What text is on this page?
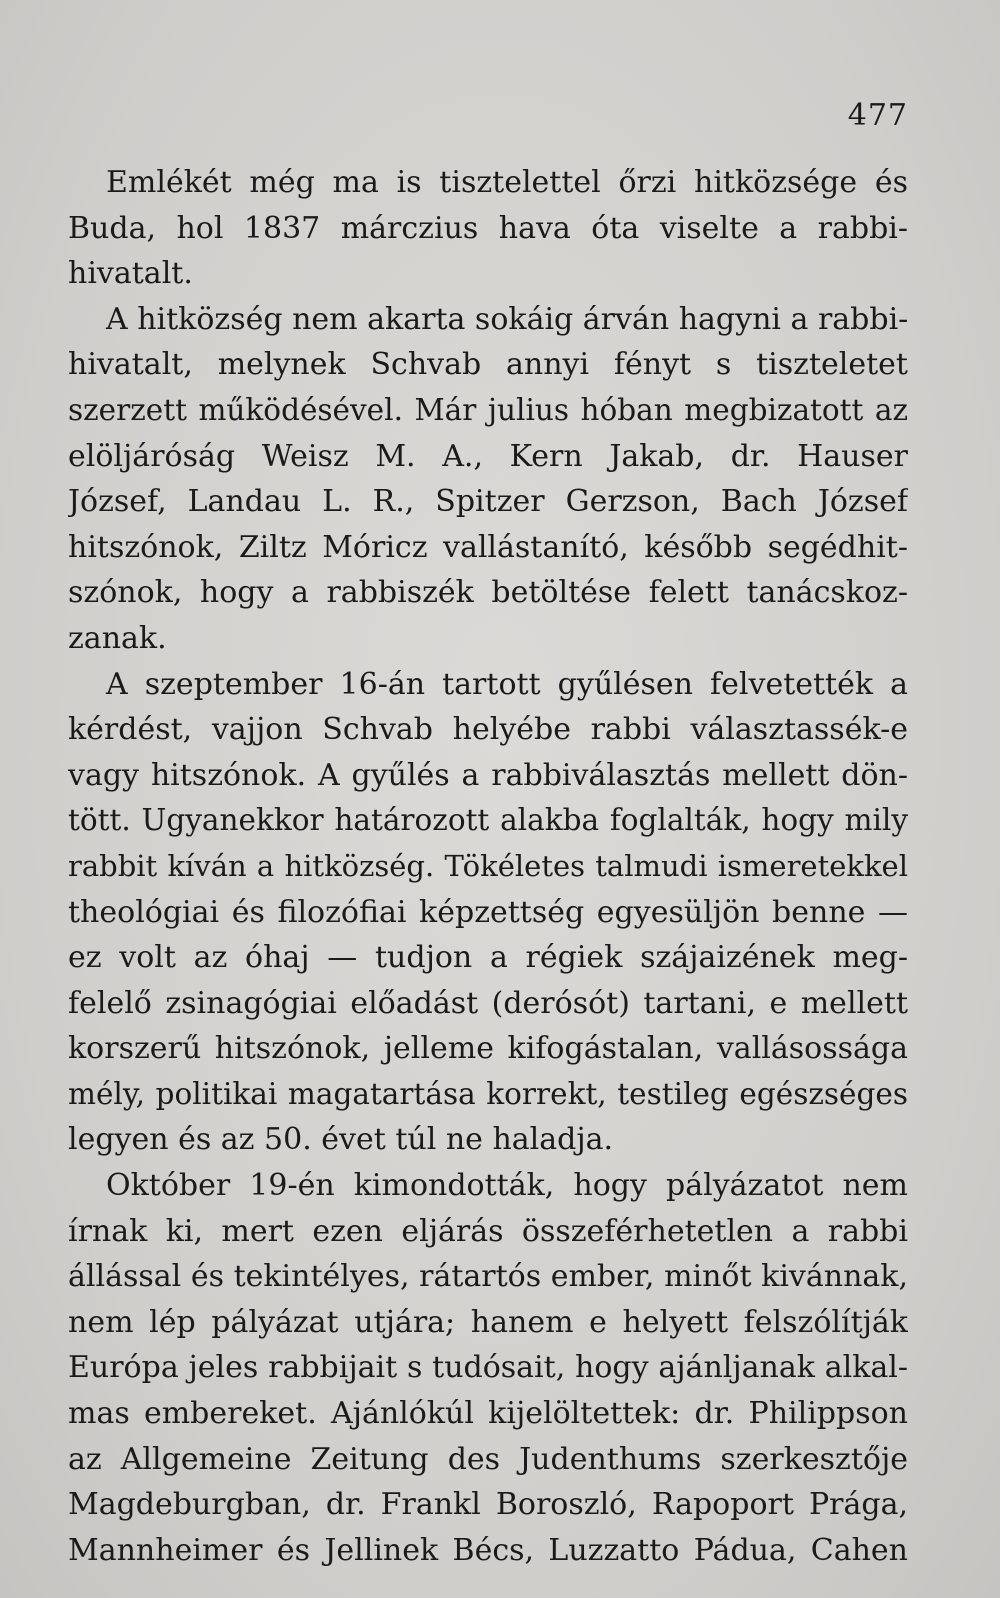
477
Emlékét még ma is tisztelettel őrzi hitközsége és
Buda, hol 1837 márczius hava óta viselte a rabbi-
hivatalt.
A hitközség nem akarta sokáig árván hagyni a rabbi-
hivatalt, melynek Schvab annyi fényt s tiszteletet
szerzett működésével. Már julius hóban megbizatott az
elöljáróság Weisz M. A., Kern Jakab, dr. Hauser
József, Landau L. R., Spitzer Gerzson, Bach József
hitszónok, Ziltz Móricz vallástanító, később segédhit-
szónok, hogy a rabbiszék betöltése felett tanácskoz-
zanak.
A szeptember 16-án tartott gyűlésen felvetették a
kérdést, vajjon Schvab helyébe rabbi választassék-e
vagy hitszónok. A gyűlés a rabbiválasztás mellett dön-
tött. Ugyanekkor határozott alakba foglalták, hogy mily
rabbit kíván a hitközség. Tökéletes talmudi ismeretekkel
theológiai és filozófiai képzettség egyesüljön benne —
ez volt az óhaj — tudjon a régiek szájaizének meg-
felelő zsinagógiai előadást (derósót) tartani, e mellett
korszerű hitszónok, jelleme kifogástalan, vallásossága
mély, politikai magatartása korrekt, testileg egészséges
legyen és az 50. évet túl ne haladja.
Október 19-én kimondották, hogy pályázatot nem
írnak ki, mert ezen eljárás összeférhetetlen a rabbi
állással és tekintélyes, rátartós ember, minőt kivánnak,
nem lép pályázat utjára; hanem e helyett felszólítják
Európa jeles rabbijait s tudósait, hogy ajánljanak alkal-
mas embereket. Ajánlókúl kijelöltettek: dr. Philippson
az Allgemeine Zeitung des Judenthums szerkesztője
Magdeburgban, dr. Frankl Boroszló, Rapoport Prága,
Mannheimer és Jellinek Bécs, Luzzatto Pádua, Cahen
